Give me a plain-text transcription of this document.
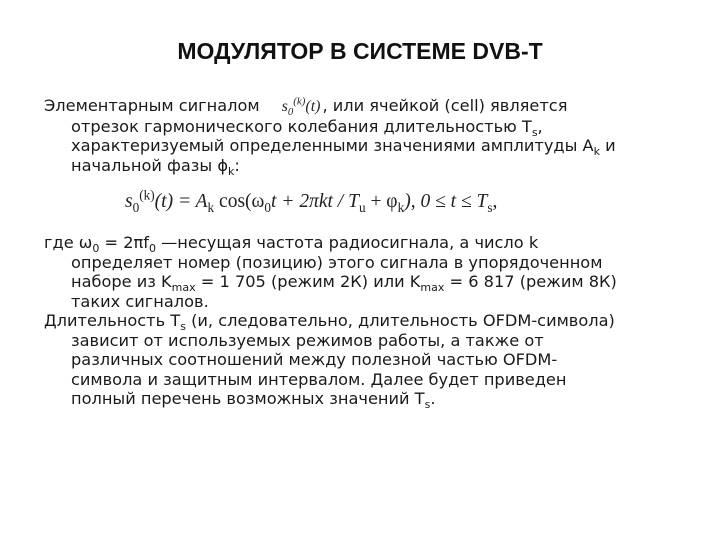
МОДУЛЯТОР В СИСТЕМЕ DVB-T
Элементарным сигналом $s_0^{(k)}(t)$ , или ячейкой (cell) является
отрезок гармонического колебания длительностью $T_s$,
характеризуемый определенными значениями амплитуды $A_k$ и
начальной фазы $\phi_k$:
$s_0^{(k)}(t) = A_k$ $\cos(\omega_0t + 2\pi kt / T_u + \varphi_k)$, $0 \le t \le T_s$,
где $\omega_0 = 2\pi f_0$ —несущая частота радиосигнала, а число k
определяет номер (позицию) этого сигнала в упорядоченном
наборе из $K_{max} = 1$ 705 (режим 2К) или $K_{max} = 6$ 817 (режим 8К)
таких сигналов.
Длительность $T_s$ (и, следовательно, длительность OFDM-символа)
зависит от используемых режимов работы, а также от
различных соотношений между полезной частью OFDM-
символа и защитным интервалом. Далее будет приведен
полный перечень возможных значений $T_s$.
